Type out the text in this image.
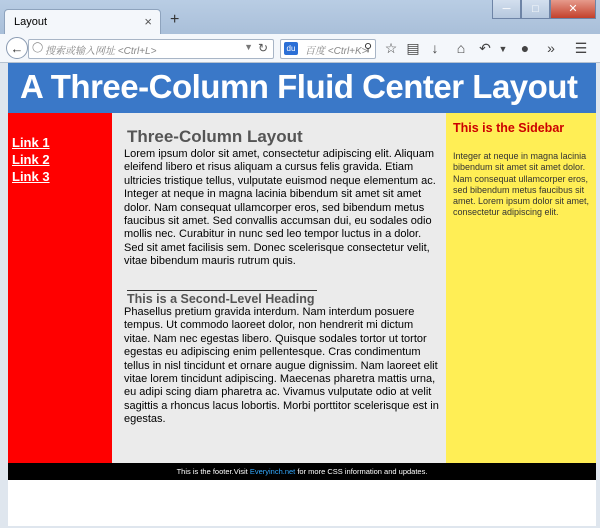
Layout	× +
─	□	✕
← ◯ 搜索或输入网址 <Ctrl+L>	▼ ↻	du 百度 <Ctrl+K>
⚲ ☆ ▤ ↓	⌂ ↶ ▼ ●	»	☰
A Three-Column Fluid Center Layout
Link 1
Link 2
Link 3
Three-Column Layout

Lorem ipsum dolor sit amet, consectetur adipiscing elit. Aliquam eleifend libero et risus aliquam a cursus felis gravida. Etiam ultricies tristique tellus, vulputate euismod neque elementum ac. Integer at neque in magna lacinia bibendum sit amet sit amet dolor. Nam consequat ullamcorper eros, sed bibendum metus faucibus sit amet. Sed convallis accumsan dui, eu sodales odio mollis nec. Curabitur in nunc sed leo tempor luctus in a dolor. Sed sit amet facilisis sem. Donec scelerisque consectetur velit, vitae bibendum mauris rutrum quis.

This is a Second-Level Heading

Phasellus pretium gravida interdum. Nam interdum posuere tempus. Ut commodo laoreet dolor, non hendrerit mi dictum vitae. Nam nec egestas libero. Quisque sodales tortor ut tortor egestas eu adipiscing enim pellentesque. Cras condimentum tellus in nisl tincidunt et ornare augue dignissim. Nam laoreet elit vitae lorem tincidunt adipiscing. Maecenas pharetra mattis urna, eu adipi scing diam pharetra ac. Vivamus vulputate odio at velit sagittis a rhoncus lacus lobortis. Morbi porttitor scelerisque est in egestas.

This is the Sidebar

Integer at neque in magna lacinia bibendum sit amet sit amet dolor. Nam consequat ullamcorper eros, sed bibendum metus faucibus sit amet. Lorem ipsum dolor sit amet, consectetur adipiscing elit.

This is the footer.Visit Everyinch.net for more CSS information and updates.
